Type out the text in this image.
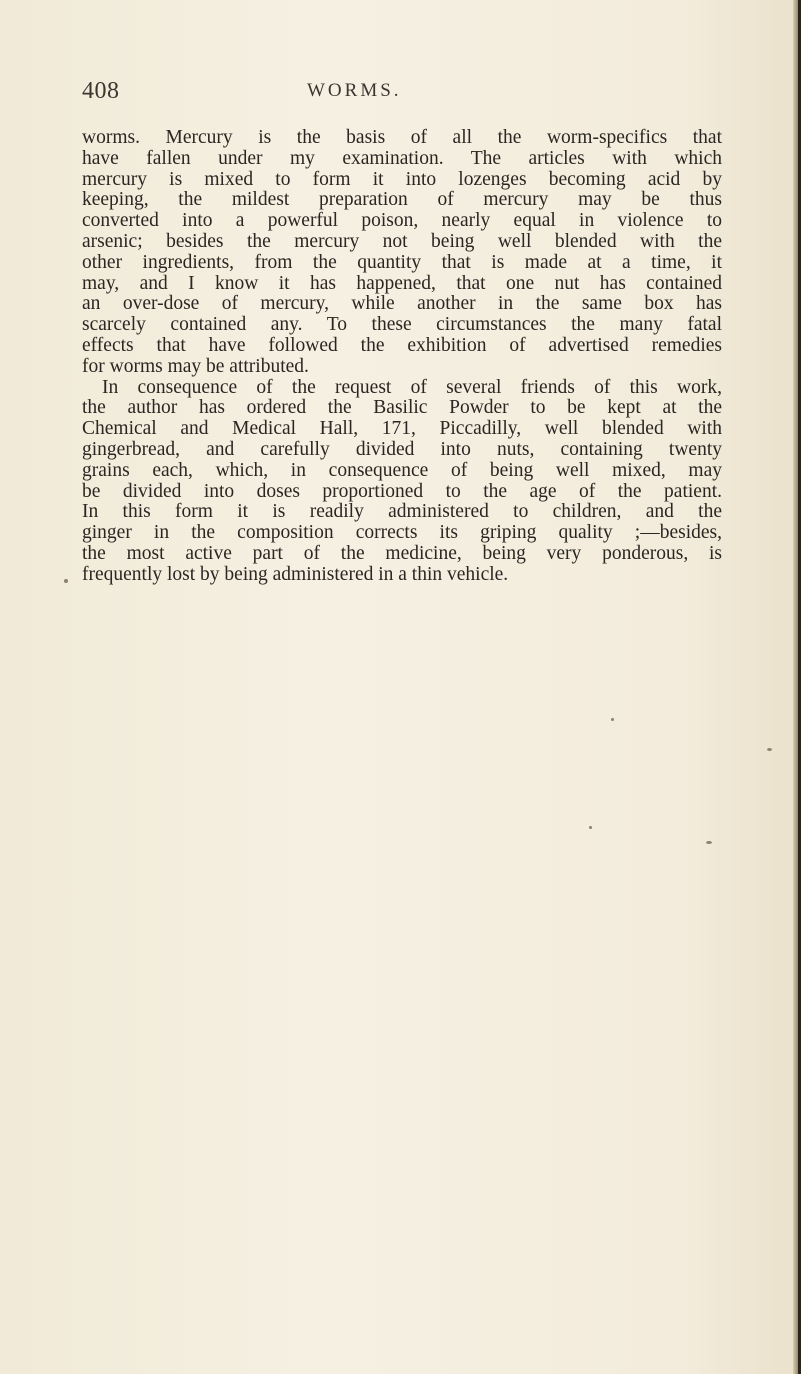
408	WORMS.
worms. Mercury is the basis of all the worm-specifics that
have fallen under my examination. The articles with which
mercury is mixed to form it into lozenges becoming acid by
keeping, the mildest preparation of mercury may be thus
converted into a powerful poison, nearly equal in violence to
arsenic; besides the mercury not being well blended with the
other ingredients, from the quantity that is made at a time, it
may, and I know it has happened, that one nut has contained
an over-dose of mercury, while another in the same box has
scarcely contained any. To these circumstances the many fatal
effects that have followed the exhibition of advertised remedies
for worms may be attributed.
In consequence of the request of several friends of this work,
the author has ordered the Basilic Powder to be kept at the
Chemical and Medical Hall, 171, Piccadilly, well blended with
gingerbread, and carefully divided into nuts, containing twenty
grains each, which, in consequence of being well mixed, may
be divided into doses proportioned to the age of the patient.
In this form it is readily administered to children, and the
ginger in the composition corrects its griping quality ;—besides,
the most active part of the medicine, being very ponderous, is
frequently lost by being administered in a thin vehicle.
